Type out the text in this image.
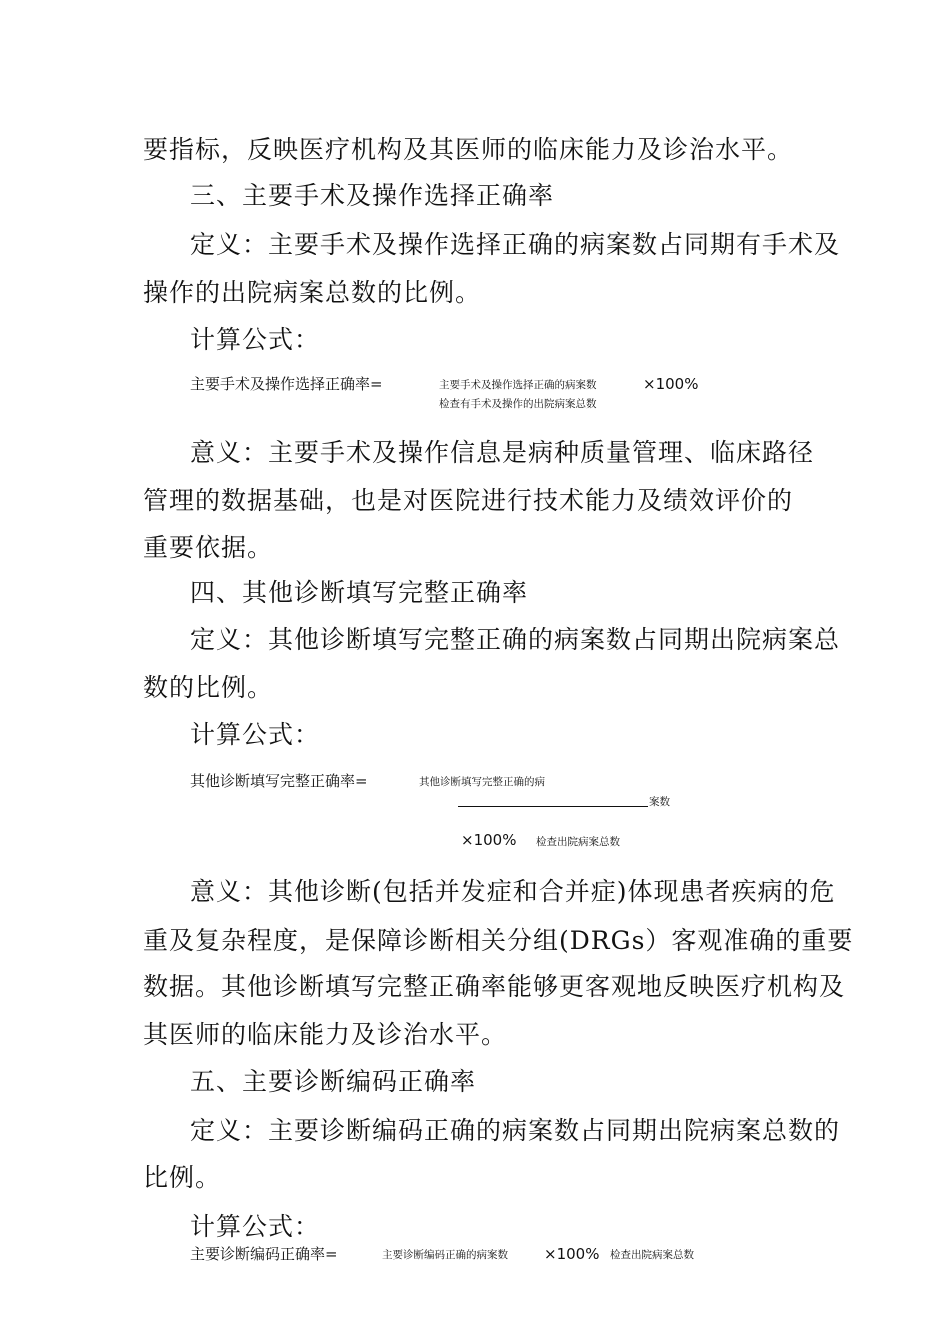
要指标，反映医疗机构及其医师的临床能力及诊治水平。
三、主要手术及操作选择正确率
定义：主要手术及操作选择正确的病案数占同期有手术及
操作的出院病案总数的比例。
计算公式：
主要手术及操作选择正确率=	主要手术及操作选择正确的病案数	×100%
检查有手术及操作的出院病案总数
意义：主要手术及操作信息是病种质量管理、临床路径
管理的数据基础，也是对医院进行技术能力及绩效评价的
重要依据。
四、其他诊断填写完整正确率
定义：其他诊断填写完整正确的病案数占同期出院病案总
数的比例。
计算公式：
其他诊断填写完整正确率=	其他诊断填写完整正确的病
案数
×100% 检查出院病案总数
意义：其他诊断(包括并发症和合并症)体现患者疾病的危
重及复杂程度，是保障诊断相关分组(DRGs）客观准确的重要
数据。其他诊断填写完整正确率能够更客观地反映医疗机构及
其医师的临床能力及诊治水平。
五、主要诊断编码正确率
定义：主要诊断编码正确的病案数占同期出院病案总数的
比例。
计算公式：
主要诊断编码正确率=	主要诊断编码正确的病案数 ×100% 检查出院病案总数
